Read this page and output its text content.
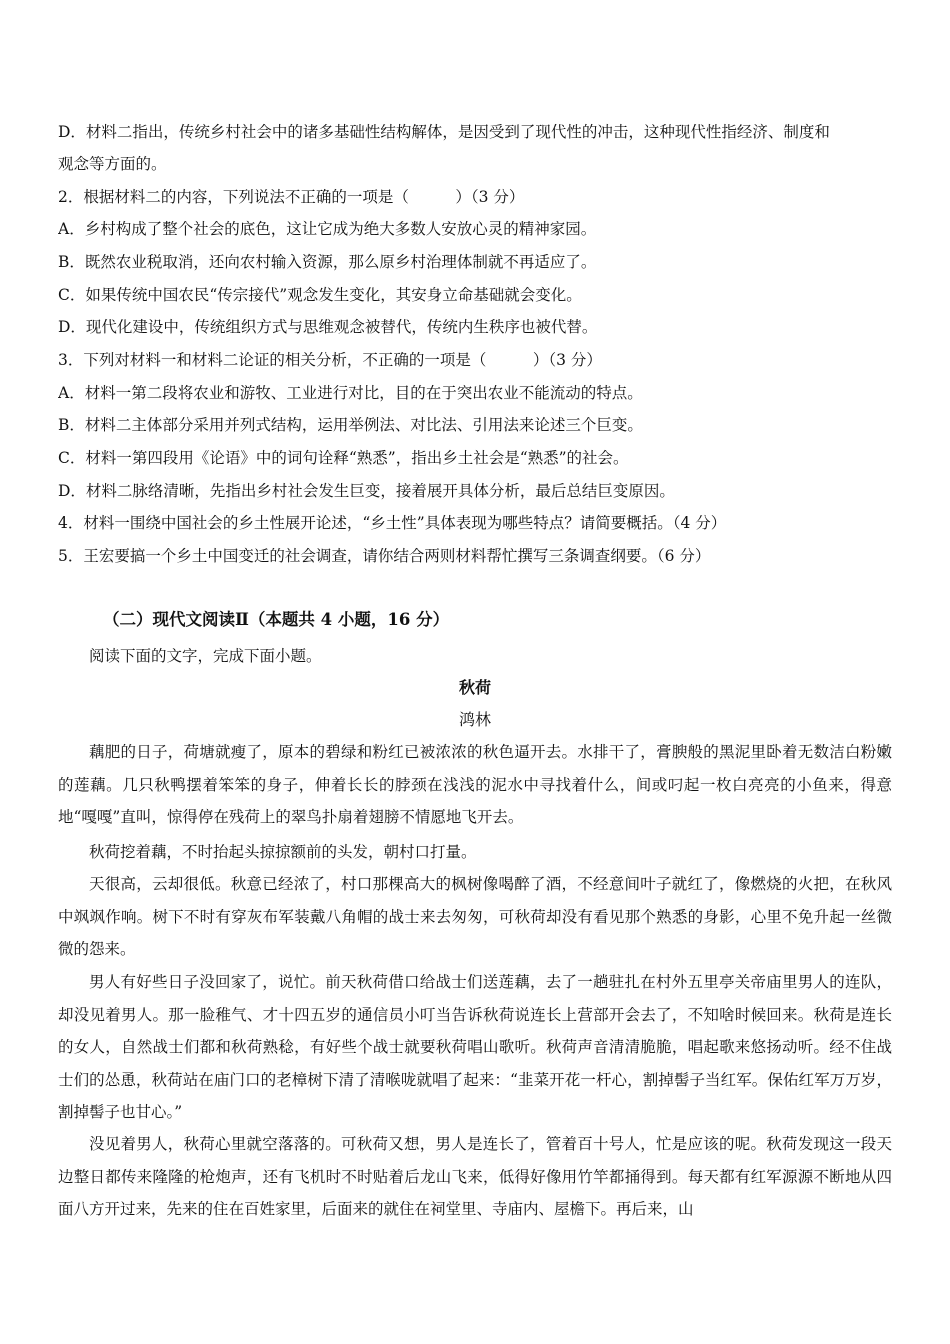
D．材料二指出，传统乡村社会中的诸多基础性结构解体，是因受到了现代性的冲击，这种现代性指经济、制度和
观念等方面的。
2．根据材料二的内容，下列说法不正确的一项是（　　　）（3 分）
A．乡村构成了整个社会的底色，这让它成为绝大多数人安放心灵的精神家园。
B．既然农业税取消，还向农村输入资源，那么原乡村治理体制就不再适应了。
C．如果传统中国农民“传宗接代”观念发生变化，其安身立命基础就会变化。
D．现代化建设中，传统组织方式与思维观念被替代，传统内生秩序也被代替。
3．下列对材料一和材料二论证的相关分析，不正确的一项是（　　　）（3 分）
A．材料一第二段将农业和游牧、工业进行对比，目的在于突出农业不能流动的特点。
B．材料二主体部分采用并列式结构，运用举例法、对比法、引用法来论述三个巨变。
C．材料一第四段用《论语》中的词句诠释“熟悉”，指出乡土社会是“熟悉”的社会。
D．材料二脉络清晰，先指出乡村社会发生巨变，接着展开具体分析，最后总结巨变原因。
4．材料一围绕中国社会的乡土性展开论述，“乡土性”具体表现为哪些特点？请简要概括。（4 分）
5．王宏要搞一个乡土中国变迁的社会调查，请你结合两则材料帮忙撰写三条调查纲要。（6 分）
（二）现代文阅读Ⅱ（本题共 4 小题，16 分）
阅读下面的文字，完成下面小题。
秋荷
鸿林
藕肥的日子，荷塘就瘦了，原本的碧绿和粉红已被浓浓的秋色逼开去。水排干了，膏腴般的黑泥里卧着无数洁白粉嫩的莲藕。几只秋鸭摆着笨笨的身子，伸着长长的脖颈在浅浅的泥水中寻找着什么，间或叼起一枚白亮亮的小鱼来，得意地“嘎嘎”直叫，惊得停在残荷上的翠鸟扑扇着翅膀不情愿地飞开去。
秋荷挖着藕，不时抬起头掠掠额前的头发，朝村口打量。
天很高，云却很低。秋意已经浓了，村口那棵高大的枫树像喝醉了酒，不经意间叶子就红了，像燃烧的火把，在秋风中飒飒作响。树下不时有穿灰布军装戴八角帽的战士来去匆匆，可秋荷却没有看见那个熟悉的身影，心里不免升起一丝微微的怨来。
男人有好些日子没回家了，说忙。前天秋荷借口给战士们送莲藕，去了一趟驻扎在村外五里亭关帝庙里男人的连队，却没见着男人。那一脸稚气、才十四五岁的通信员小叮当告诉秋荷说连长上营部开会去了，不知啥时候回来。秋荷是连长的女人，自然战士们都和秋荷熟稔，有好些个战士就要秋荷唱山歌听。秋荷声音清清脆脆，唱起歌来悠扬动听。经不住战士们的怂恿，秋荷站在庙门口的老樟树下清了清喉咙就唱了起来：“韭菜开花一杆心，割掉髻子当红军。保佑红军万万岁，割掉髻子也甘心。”
没见着男人，秋荷心里就空落落的。可秋荷又想，男人是连长了，管着百十号人，忙是应该的呢。秋荷发现这一段天边整日都传来隆隆的枪炮声，还有飞机时不时贴着后龙山飞来，低得好像用竹竿都捅得到。每天都有红军源源不断地从四面八方开过来，先来的住在百姓家里，后面来的就住在祠堂里、寺庙内、屋檐下。再后来，山
